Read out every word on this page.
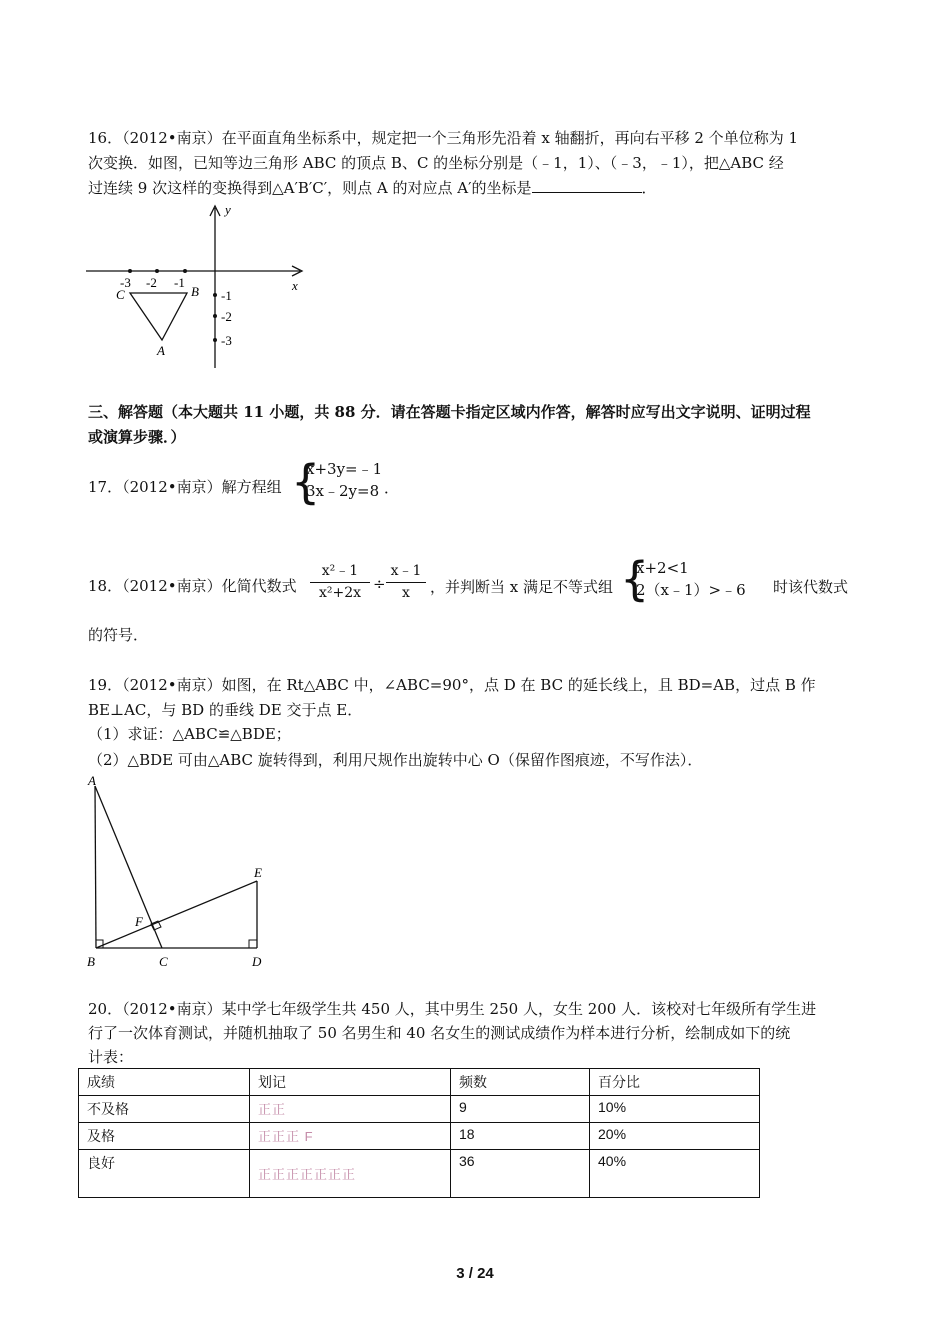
16．（2012•南京）在平面直角坐标系中，规定把一个三角形先沿着 x 轴翻折，再向右平移 2 个单位称为 1
次变换．如图，已知等边三角形 ABC 的顶点 B、C 的坐标分别是（﹣1，1）、（﹣3，﹣1），把△ABC 经
过连续 9 次这样的变换得到△A′B′C′，则点 A 的对应点 A′的坐标是	．
y
x
-3 -2 -1
-1
-2
-3
C	B
A
三、解答题（本大题共 11 小题，共 88 分．请在答题卡指定区域内作答，解答时应写出文字说明、证明过程
或演算步骤．）
17．（2012•南京）解方程组 {
x+3y=﹣1
3x﹣2y=8 ．
18．（2012•南京）化简代数式
x²﹣1
x²+2x ÷
x﹣1
x	，并判断当 x 满足不等式组 {
x+2<1
2（x﹣1）>﹣6 时该代数式
的符号．
19．（2012•南京）如图，在 Rt△ABC 中，∠ABC=90°，点 D 在 BC 的延长线上，且 BD=AB，过点 B 作
BE⊥AC，与 BD 的垂线 DE 交于点 E．
（1）求证：△ABC≌△BDE；
（2）△BDE 可由△ABC 旋转得到，利用尺规作出旋转中心 O（保留作图痕迹，不写作法）．
A
B	C	D
E
F
20．（2012•南京）某中学七年级学生共 450 人，其中男生 250 人，女生 200 人．该校对七年级所有学生进
行了一次体育测试，并随机抽取了 50 名男生和 40 名女生的测试成绩作为样本进行分析，绘制成如下的统
计表：
成绩	划记	频数	百分比
不及格	正正	9	10%
及格	正正正 F	18	20%
良好	正正正正正正正	36	40%
3 / 24
